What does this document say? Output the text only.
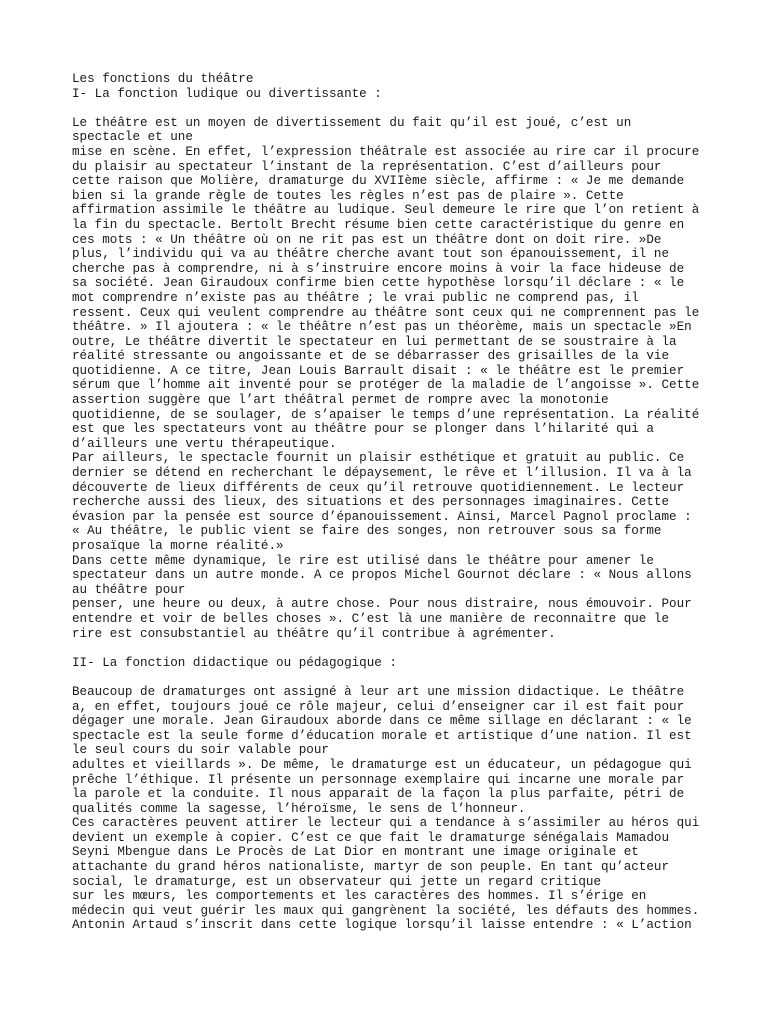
Les fonctions du théâtre
I- La fonction ludique ou divertissante :
Le théâtre est un moyen de divertissement du fait qu’il est joué, c’est un
spectacle et une
mise en scène. En effet, l’expression théâtrale est associée au rire car il procure
du plaisir au spectateur l’instant de la représentation. C’est d’ailleurs pour
cette raison que Molière, dramaturge du XVIIème siècle, affirme : « Je me demande
bien si la grande règle de toutes les règles n’est pas de plaire ». Cette
affirmation assimile le théâtre au ludique. Seul demeure le rire que l’on retient à
la fin du spectacle. Bertolt Brecht résume bien cette caractéristique du genre en
ces mots : « Un théâtre où on ne rit pas est un théâtre dont on doit rire. »De
plus, l’individu qui va au théâtre cherche avant tout son épanouissement, il ne
cherche pas à comprendre, ni à s’instruire encore moins à voir la face hideuse de
sa société. Jean Giraudoux confirme bien cette hypothèse lorsqu’il déclare : « le
mot comprendre n’existe pas au théâtre ; le vrai public ne comprend pas, il
ressent. Ceux qui veulent comprendre au théâtre sont ceux qui ne comprennent pas le
théâtre. » Il ajoutera : « le théâtre n’est pas un théorème, mais un spectacle »En
outre, Le théâtre divertit le spectateur en lui permettant de se soustraire à la
réalité stressante ou angoissante et de se débarrasser des grisailles de la vie
quotidienne. A ce titre, Jean Louis Barrault disait : « le théâtre est le premier
sérum que l’homme ait inventé pour se protéger de la maladie de l’angoisse ». Cette
assertion suggère que l’art théâtral permet de rompre avec la monotonie
quotidienne, de se soulager, de s’apaiser le temps d’une représentation. La réalité
est que les spectateurs vont au théâtre pour se plonger dans l’hilarité qui a
d’ailleurs une vertu thérapeutique.
Par ailleurs, le spectacle fournit un plaisir esthétique et gratuit au public. Ce
dernier se détend en recherchant le dépaysement, le rêve et l’illusion. Il va à la
découverte de lieux différents de ceux qu’il retrouve quotidiennement. Le lecteur
recherche aussi des lieux, des situations et des personnages imaginaires. Cette
évasion par la pensée est source d’épanouissement. Ainsi, Marcel Pagnol proclame :
« Au théâtre, le public vient se faire des songes, non retrouver sous sa forme
prosaïque la morne réalité.»
Dans cette même dynamique, le rire est utilisé dans le théâtre pour amener le
spectateur dans un autre monde. A ce propos Michel Gournot déclare : « Nous allons
au théâtre pour
penser, une heure ou deux, à autre chose. Pour nous distraire, nous émouvoir. Pour
entendre et voir de belles choses ». C’est là une manière de reconnaitre que le
rire est consubstantiel au théâtre qu’il contribue à agrémenter.
II- La fonction didactique ou pédagogique :
Beaucoup de dramaturges ont assigné à leur art une mission didactique. Le théâtre
a, en effet, toujours joué ce rôle majeur, celui d’enseigner car il est fait pour
dégager une morale. Jean Giraudoux aborde dans ce même sillage en déclarant : « le
spectacle est la seule forme d’éducation morale et artistique d’une nation. Il est
le seul cours du soir valable pour
adultes et vieillards ». De même, le dramaturge est un éducateur, un pédagogue qui
prêche l’éthique. Il présente un personnage exemplaire qui incarne une morale par
la parole et la conduite. Il nous apparait de la façon la plus parfaite, pétri de
qualités comme la sagesse, l’héroïsme, le sens de l’honneur.
Ces caractères peuvent attirer le lecteur qui a tendance à s’assimiler au héros qui
devient un exemple à copier. C’est ce que fait le dramaturge sénégalais Mamadou
Seyni Mbengue dans Le Procès de Lat Dior en montrant une image originale et
attachante du grand héros nationaliste, martyr de son peuple. En tant qu’acteur
social, le dramaturge, est un observateur qui jette un regard critique
sur les mœurs, les comportements et les caractères des hommes. Il s’érige en
médecin qui veut guérir les maux qui gangrènent la société, les défauts des hommes.
Antonin Artaud s’inscrit dans cette logique lorsqu’il laisse entendre : « L’action
